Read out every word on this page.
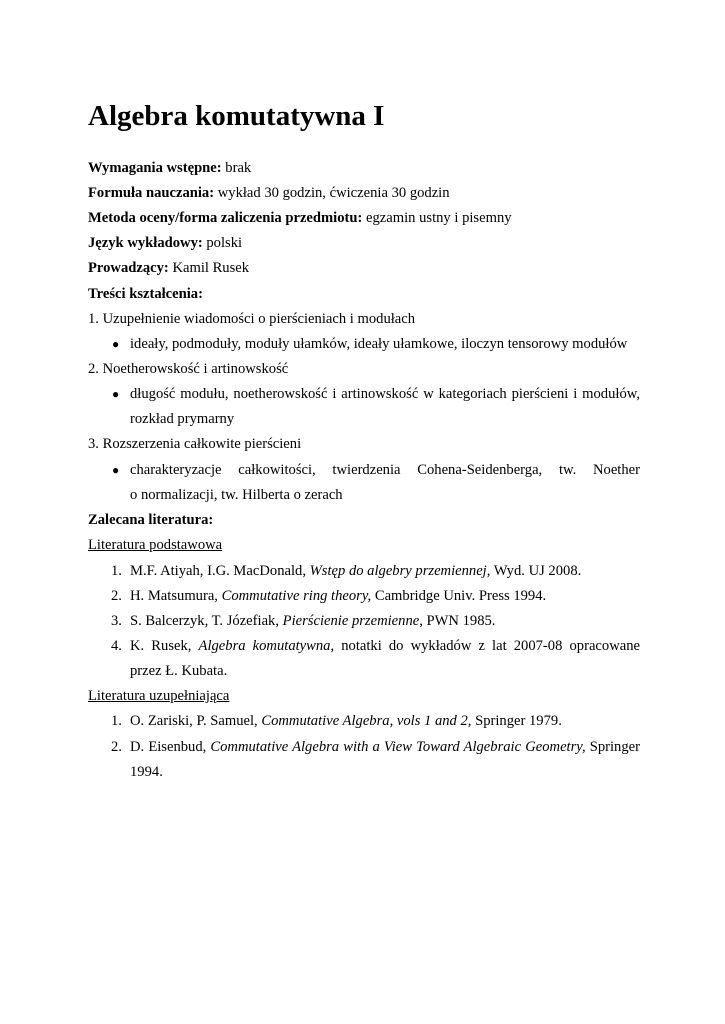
Algebra komutatywna I
Wymagania wstępne: brak
Formuła nauczania: wykład 30 godzin, ćwiczenia 30 godzin
Metoda oceny/forma zaliczenia przedmiotu: egzamin ustny i pisemny
Język wykładowy: polski
Prowadzący: Kamil Rusek
Treści kształcenia:
1. Uzupełnienie wiadomości o pierścieniach i modułach
● ideały, podmoduły, moduły ułamków, ideały ułamkowe, iloczyn tensorowy modułów
2. Noetherowskość i artinowskość
● długość modułu, noetherowskość i artinowskość w kategoriach pierścieni i modułów,
rozkład prymarny
3. Rozszerzenia całkowite pierścieni
● charakteryzacje całkowitości, twierdzenia Cohena-Seidenberga, tw. Noether
o normalizacji, tw. Hilberta o zerach
Zalecana literatura:
Literatura podstawowa
1. M.F. Atiyah, I.G. MacDonald, Wstęp do algebry przemiennej, Wyd. UJ 2008.
2. H. Matsumura, Commutative ring theory, Cambridge Univ. Press 1994.
3. S. Balcerzyk, T. Józefiak, Pierścienie przemienne, PWN 1985.
4. K. Rusek, Algebra komutatywna, notatki do wykładów z lat 2007-08 opracowane
przez Ł. Kubata.
Literatura uzupełniająca
1. O. Zariski, P. Samuel, Commutative Algebra, vols 1 and 2, Springer 1979.
2. D. Eisenbud, Commutative Algebra with a View Toward Algebraic Geometry, Springer
1994.
